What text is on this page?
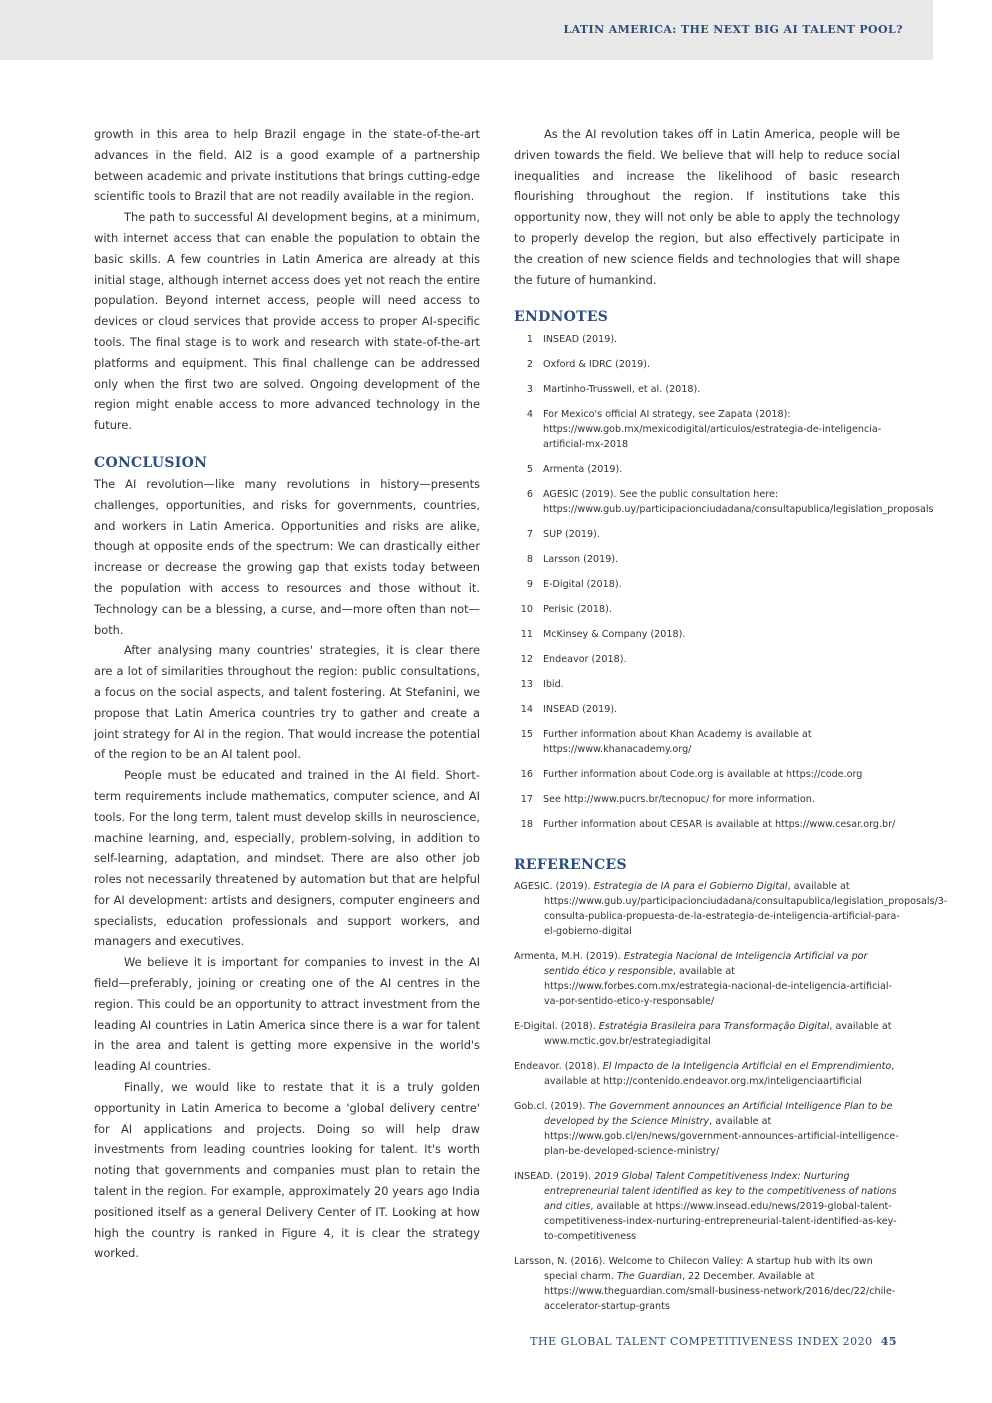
LATIN AMERICA: THE NEXT BIG AI TALENT POOL?

growth in this area to help Brazil engage in the state-of-the-art advances in the field. AI2 is a good example of a partnership between academic and private institutions that brings cutting-edge scientific tools to Brazil that are not readily available in the region.

The path to successful AI development begins, at a minimum, with internet access that can enable the population to obtain the basic skills. A few countries in Latin America are already at this initial stage, although internet access does yet not reach the entire population. Beyond internet access, people will need access to devices or cloud services that provide access to proper AI-specific tools. The final stage is to work and research with state-of-the-art platforms and equipment. This final challenge can be addressed only when the first two are solved. Ongoing development of the region might enable access to more advanced technology in the future.

CONCLUSION

The AI revolution—like many revolutions in history—presents challenges, opportunities, and risks for governments, countries, and workers in Latin America. Opportunities and risks are alike, though at opposite ends of the spectrum: We can drastically either increase or decrease the growing gap that exists today between the population with access to resources and those without it. Technology can be a blessing, a curse, and—more often than not—both.

After analysing many countries' strategies, it is clear there are a lot of similarities throughout the region: public consultations, a focus on the social aspects, and talent fostering. At Stefanini, we propose that Latin America countries try to gather and create a joint strategy for AI in the region. That would increase the potential of the region to be an AI talent pool.

People must be educated and trained in the AI field. Short-term requirements include mathematics, computer science, and AI tools. For the long term, talent must develop skills in neuroscience, machine learning, and, especially, problem-solving, in addition to self-learning, adaptation, and mindset. There are also other job roles not necessarily threatened by automation but that are helpful for AI development: artists and designers, computer engineers and specialists, education professionals and support workers, and managers and executives.

We believe it is important for companies to invest in the AI field—preferably, joining or creating one of the AI centres in the region. This could be an opportunity to attract investment from the leading AI countries in Latin America since there is a war for talent in the area and talent is getting more expensive in the world's leading AI countries.

Finally, we would like to restate that it is a truly golden opportunity in Latin America to become a 'global delivery centre' for AI applications and projects. Doing so will help draw investments from leading countries looking for talent. It's worth noting that governments and companies must plan to retain the talent in the region. For example, approximately 20 years ago India positioned itself as a general Delivery Center of IT. Looking at how high the country is ranked in Figure 4, it is clear the strategy worked.

As the AI revolution takes off in Latin America, people will be driven towards the field. We believe that will help to reduce social inequalities and increase the likelihood of basic research flourishing throughout the region. If institutions take this opportunity now, they will not only be able to apply the technology to properly develop the region, but also effectively participate in the creation of new science fields and technologies that will shape the future of humankind.

ENDNOTES
1	INSEAD (2019).
2	Oxford & IDRC (2019).
3	Martinho-Trusswell, et al. (2018).
4	For Mexico's official AI strategy, see Zapata (2018): https://www.gob.mx/mexicodigital/articulos/estrategia-de-inteligencia-artificial-mx-2018
5	Armenta (2019).
6	AGESIC (2019). See the public consultation here: https://www.gub.uy/participacionciudadana/consultapublica/legislation_proposals
7	SUP (2019).
8	Larsson (2019).
9	E-Digital (2018).
10	Perisic (2018).
11	McKinsey & Company (2018).
12	Endeavor (2018).
13	Ibid.
14	INSEAD (2019).
15	Further information about Khan Academy is available at https://www.khanacademy.org/
16	Further information about Code.org is available at https://code.org
17	See http://www.pucrs.br/tecnopuc/ for more information.
18	Further information about CESAR is available at https://www.cesar.org.br/
REFERENCES
AGESIC. (2019). Estrategia de IA para el Gobierno Digital, available at https://www.gub.uy/participacionciudadana/consultapublica/legislation_proposals/3-consulta-publica-propuesta-de-la-estrategia-de-inteligencia-artificial-para-el-gobierno-digital
Armenta, M.H. (2019). Estrategia Nacional de Inteligencia Artificial va por sentido ético y responsible, available at https://www.forbes.com.mx/estrategia-nacional-de-inteligencia-artificial-va-por-sentido-etico-y-responsable/
E-Digital. (2018). Estratégia Brasileira para Transformação Digital, available at www.mctic.gov.br/estrategiadigital
Endeavor. (2018). El Impacto de la Inteligencia Artificial en el Emprendimiento, available at http://contenido.endeavor.org.mx/inteligenciaartificial
Gob.cl. (2019). The Government announces an Artificial Intelligence Plan to be developed by the Science Ministry, available at https://www.gob.cl/en/news/government-announces-artificial-intelligence-plan-be-developed-science-ministry/
INSEAD. (2019). 2019 Global Talent Competitiveness Index: Nurturing entrepreneurial talent identified as key to the competitiveness of nations and cities, available at https://www.insead.edu/news/2019-global-talent-competitiveness-index-nurturing-entrepreneurial-talent-identified-as-key-to-competitiveness
Larsson, N. (2016). Welcome to Chilecon Valley: A startup hub with its own special charm. The Guardian, 22 December. Available at https://www.theguardian.com/small-business-network/2016/dec/22/chile-accelerator-startup-grants
THE GLOBAL TALENT COMPETITIVENESS INDEX 2020 45
